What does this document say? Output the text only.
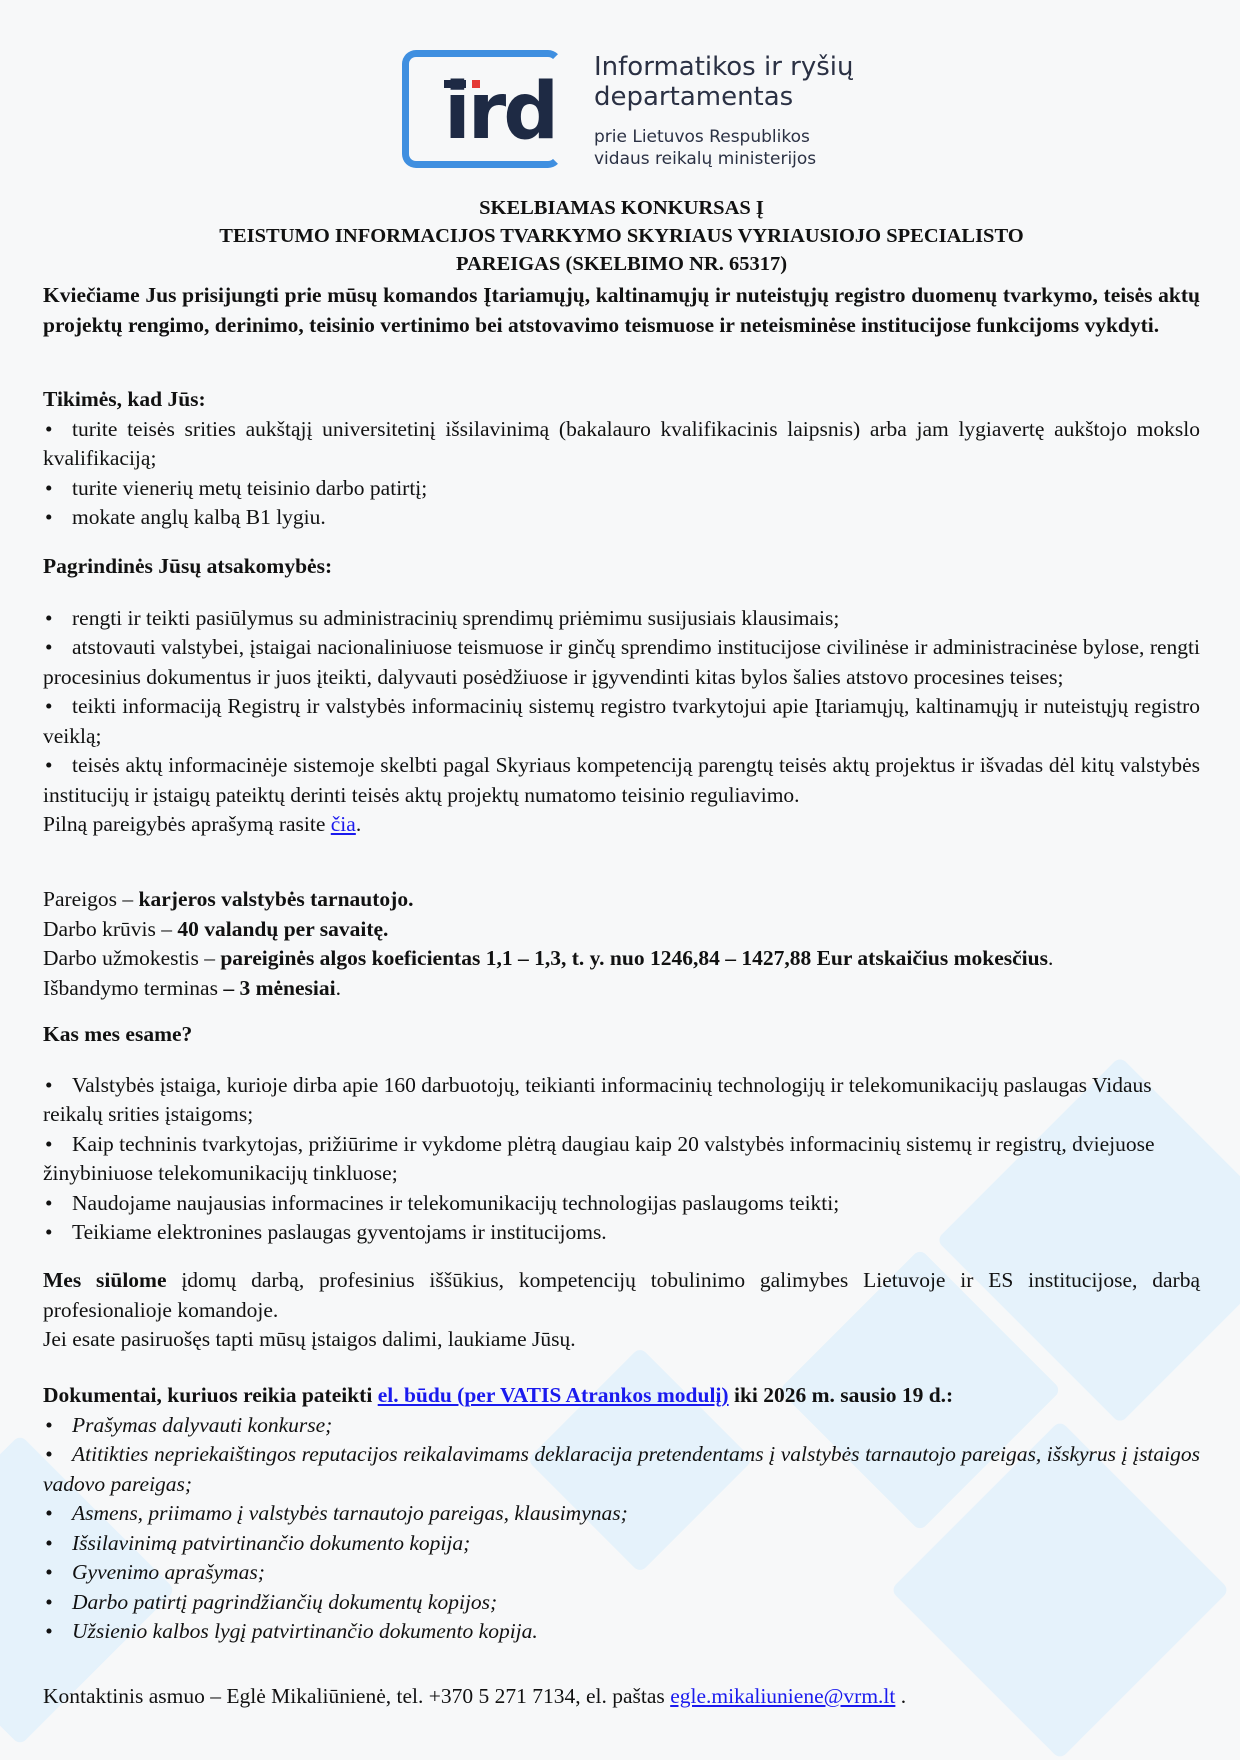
ird Informatikos ir ryšių
departamentas
prie Lietuvos Respublikos
vidaus reikalų ministerijos
SKELBIAMAS KONKURSAS Į
TEISTUMO INFORMACIJOS TVARKYMO SKYRIAUS VYRIAUSIOJO SPECIALISTO
PAREIGAS (SKELBIMO NR. 65317)
Kviečiame Jus prisijungti prie mūsų komandos Įtariamųjų, kaltinamųjų ir nuteistųjų registro duomenų tvarkymo, teisės aktų projektų rengimo, derinimo, teisinio vertinimo bei atstovavimo teismuose ir neteisminėse institucijose funkcijoms vykdyti.

Tikimės, kad Jūs:

• turite teisės srities aukštąjį universitetinį išsilavinimą (bakalauro kvalifikacinis laipsnis) arba jam lygiavertę aukštojo mokslo kvalifikaciją;
• turite vienerių metų teisinio darbo patirtį;
• mokate anglų kalbą B1 lygiu.

Pagrindinės Jūsų atsakomybės:

• rengti ir teikti pasiūlymus su administracinių sprendimų priėmimu susijusiais klausimais;
• atstovauti valstybei, įstaigai nacionaliniuose teismuose ir ginčų sprendimo institucijose civilinėse ir administracinėse bylose, rengti procesinius dokumentus ir juos įteikti, dalyvauti posėdžiuose ir įgyvendinti kitas bylos šalies atstovo procesines teises;
• teikti informaciją Registrų ir valstybės informacinių sistemų registro tvarkytojui apie Įtariamųjų, kaltinamųjų ir nuteistųjų registro veiklą;
• teisės aktų informacinėje sistemoje skelbti pagal Skyriaus kompetenciją parengtų teisės aktų projektus ir išvadas dėl kitų valstybės institucijų ir įstaigų pateiktų derinti teisės aktų projektų numatomo teisinio reguliavimo.

Pilną pareigybės aprašymą rasite čia.

Pareigos – karjeros valstybės tarnautojo.

Darbo krūvis – 40 valandų per savaitę.

Darbo užmokestis – pareiginės algos koeficientas 1,1 – 1,3, t. y. nuo 1246,84 – 1427,88 Eur atskaičius mokesčius.

Išbandymo terminas – 3 mėnesiai.

Kas mes esame?

• Valstybės įstaiga, kurioje dirba apie 160 darbuotojų, teikianti informacinių technologijų ir telekomunikacijų paslaugas Vidaus reikalų srities įstaigoms;
• Kaip techninis tvarkytojas, prižiūrime ir vykdome plėtrą daugiau kaip 20 valstybės informacinių sistemų ir registrų, dviejuose žinybiniuose telekomunikacijų tinkluose;
• Naudojame naujausias informacines ir telekomunikacijų technologijas paslaugoms teikti;
• Teikiame elektronines paslaugas gyventojams ir institucijoms.

Mes siūlome įdomų darbą, profesinius iššūkius, kompetencijų tobulinimo galimybes Lietuvoje ir ES institucijose, darbą profesionalioje komandoje.

Jei esate pasiruošęs tapti mūsų įstaigos dalimi, laukiame Jūsų.

Dokumentai, kuriuos reikia pateikti el. būdu (per VATIS Atrankos modulį) iki 2026 m. sausio 19 d.:

• Prašymas dalyvauti konkurse;
• Atitikties nepriekaištingos reputacijos reikalavimams deklaracija pretendentams į valstybės tarnautojo pareigas, išskyrus į įstaigos vadovo pareigas;
• Asmens, priimamo į valstybės tarnautojo pareigas, klausimynas;
• Išsilavinimą patvirtinančio dokumento kopija;
• Gyvenimo aprašymas;
• Darbo patirtį pagrindžiančių dokumentų kopijos;
• Užsienio kalbos lygį patvirtinančio dokumento kopija.
Kontaktinis asmuo – Eglė Mikaliūnienė, tel. +370 5 271 7134, el. paštas egle.mikaliuniene@vrm.lt .
